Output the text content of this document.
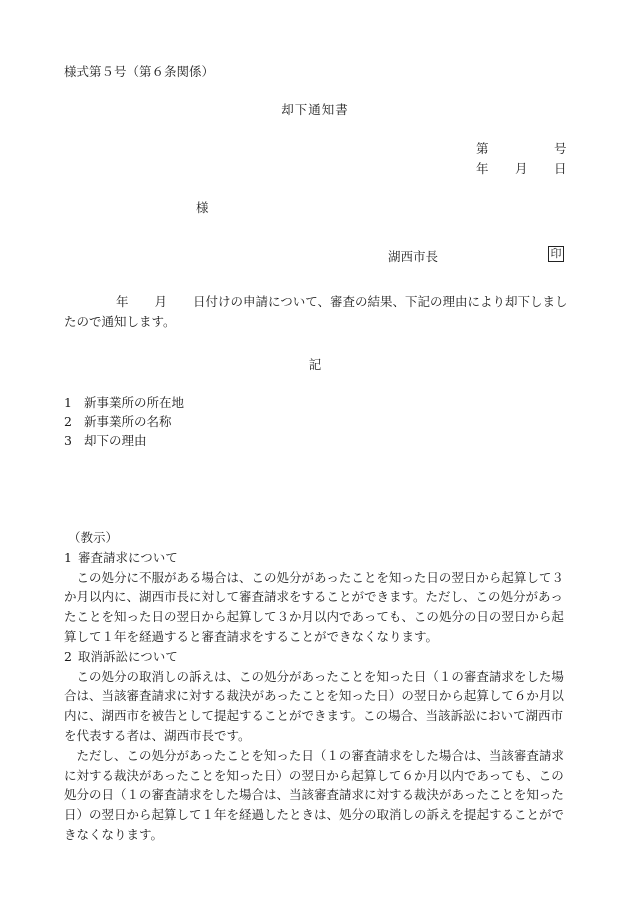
様式第５号（第６条関係）
却下通知書
第	号
年 月 日
様
湖西市長	印
年 月 日付けの申請について、審査の結果、下記の理由により却下しましたので通知します。
記
1 新事業所の所在地
2 新事業所の名称
3 却下の理由

（教示）

1 審査請求について

この処分に不服がある場合は、この処分があったことを知った日の翌日から起算して３か月以内に、湖西市長に対して審査請求をすることができます。ただし、この処分があったことを知った日の翌日から起算して３か月以内であっても、この処分の日の翌日から起算して１年を経過すると審査請求をすることができなくなります。

2 取消訴訟について

この処分の取消しの訴えは、この処分があったことを知った日（１の審査請求をした場合は、当該審査請求に対する裁決があったことを知った日）の翌日から起算して６か月以内に、湖西市を被告として提起することができます。この場合、当該訴訟において湖西市を代表する者は、湖西市長です。

ただし、この処分があったことを知った日（１の審査請求をした場合は、当該審査請求に対する裁決があったことを知った日）の翌日から起算して６か月以内であっても、この処分の日（１の審査請求をした場合は、当該審査請求に対する裁決があったことを知った日）の翌日から起算して１年を経過したときは、処分の取消しの訴えを提起することができなくなります。
